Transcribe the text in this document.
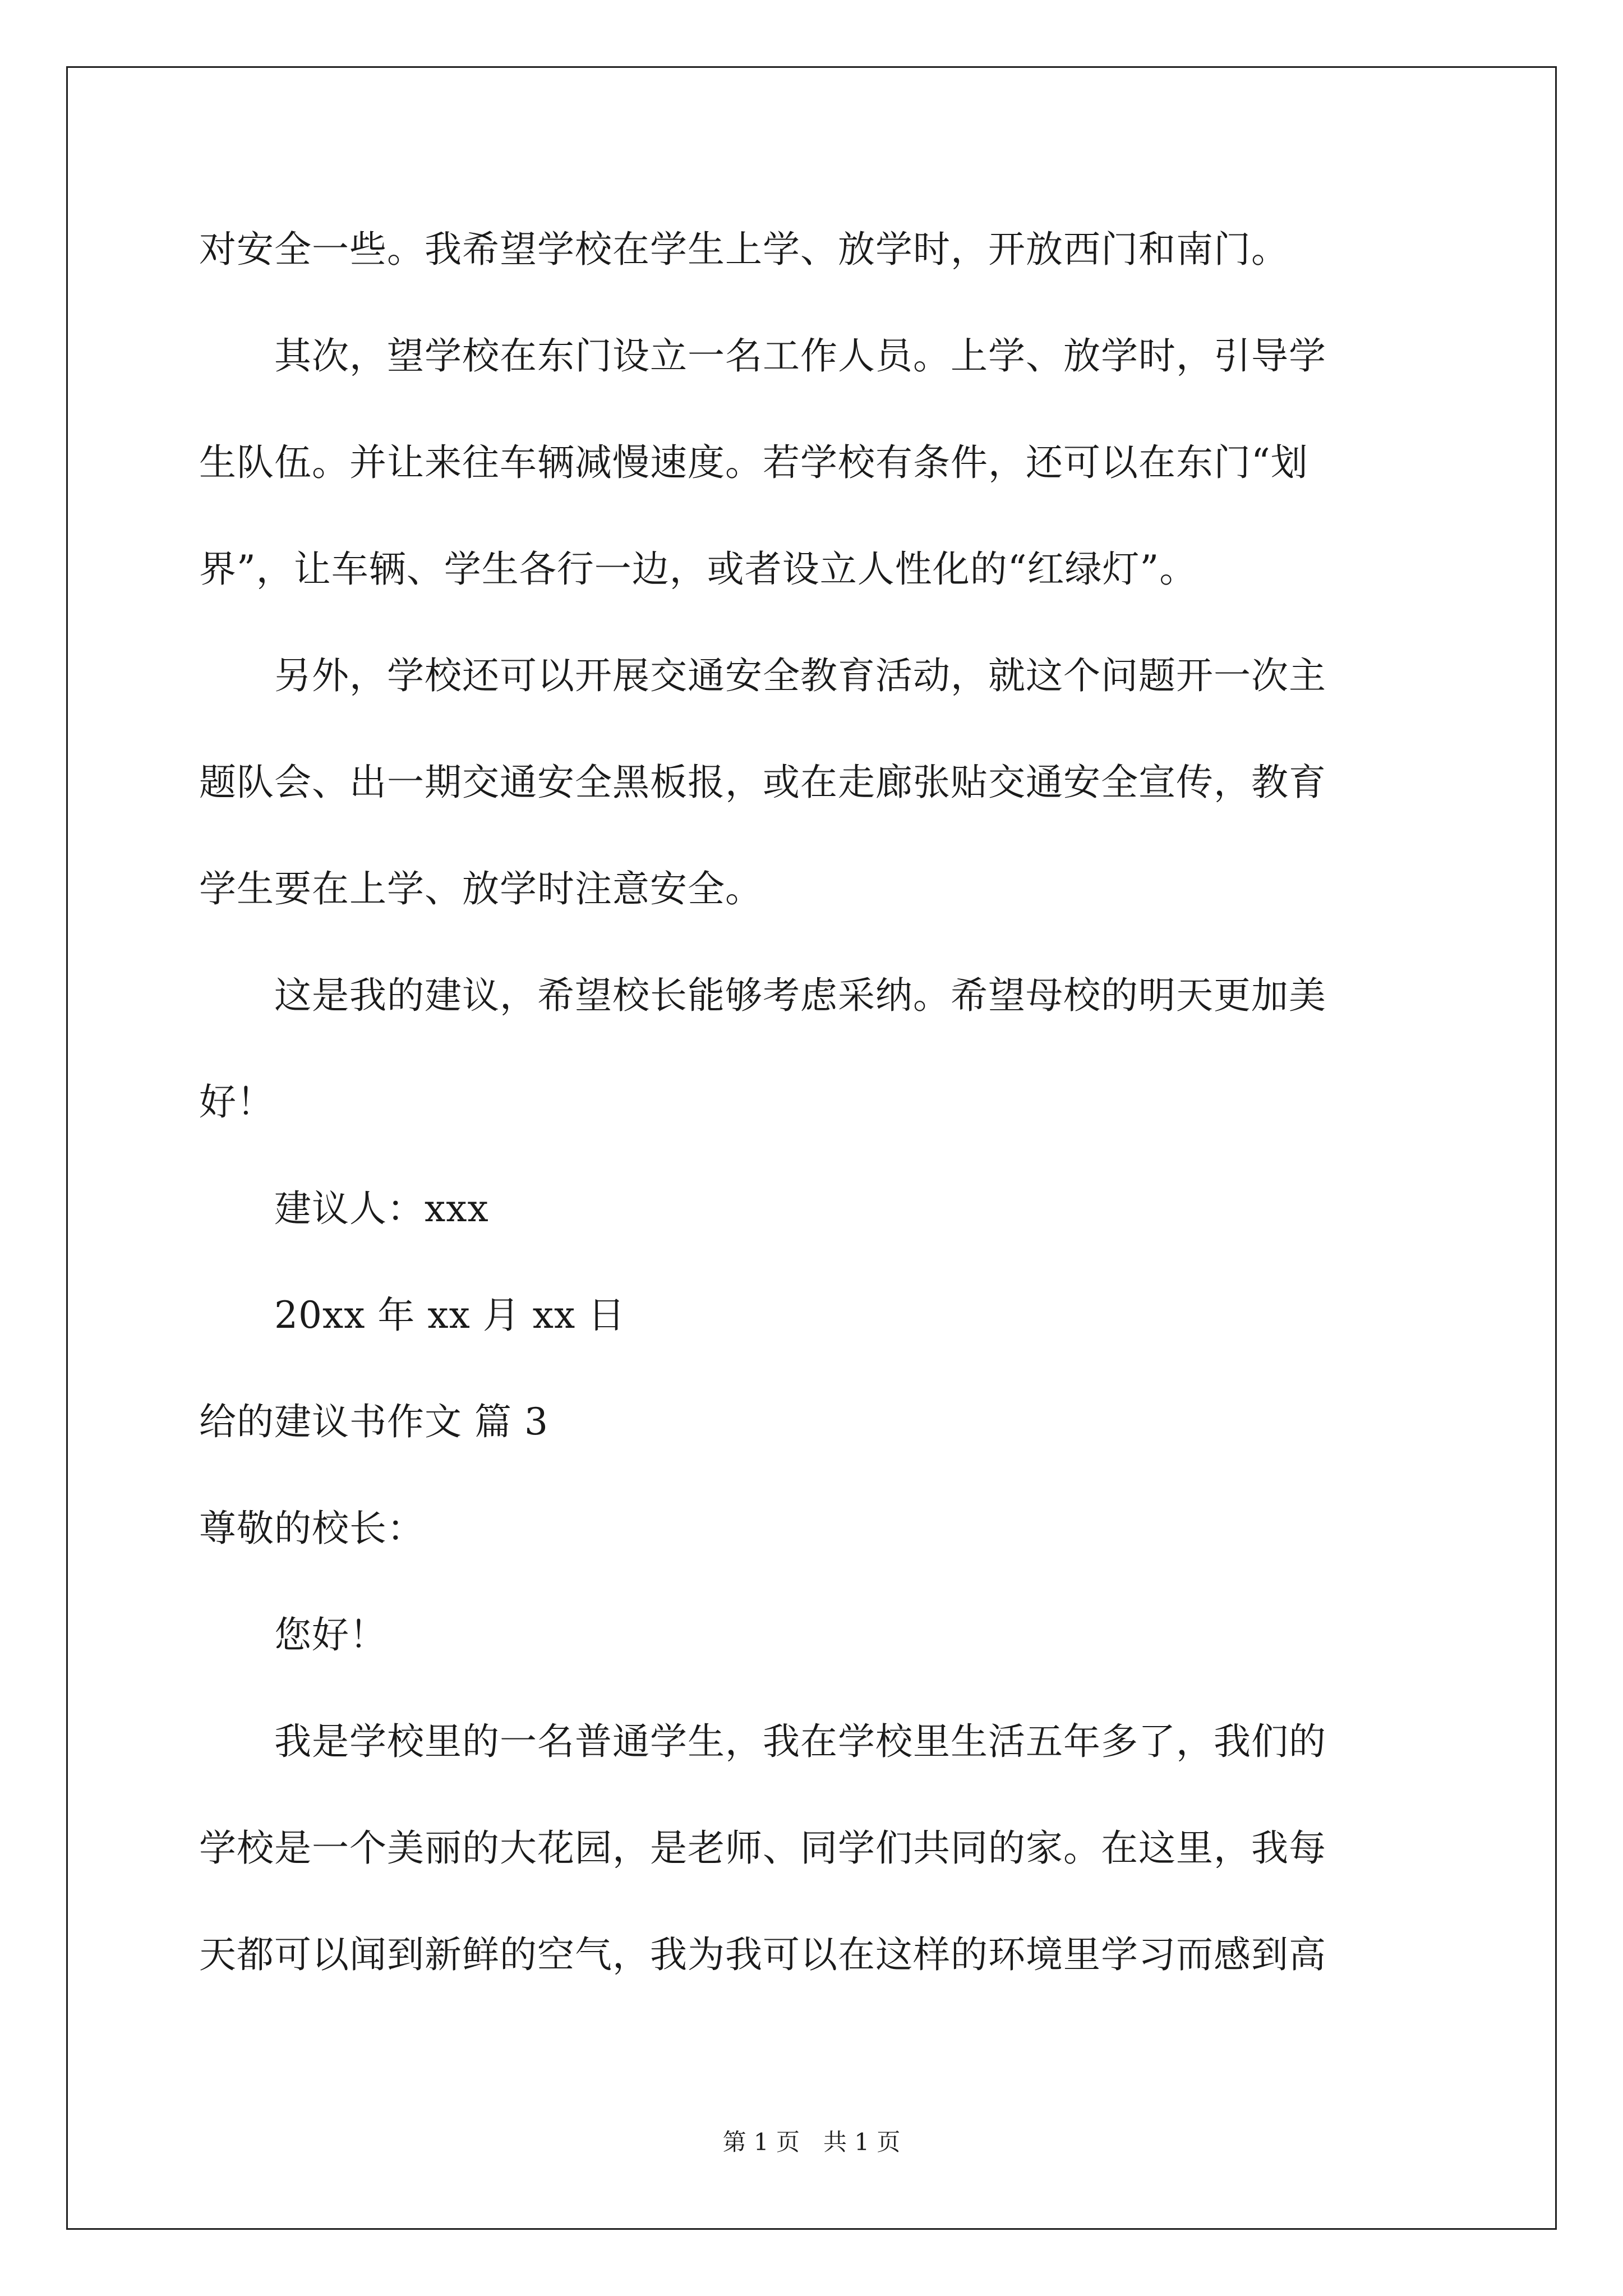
对安全一些。我希望学校在学生上学、放学时，开放西门和南门。
　　其次，望学校在东门设立一名工作人员。上学、放学时，引导学
生队伍。并让来往车辆减慢速度。若学校有条件，还可以在东门“划
界”，让车辆、学生各行一边，或者设立人性化的“红绿灯”。
　　另外，学校还可以开展交通安全教育活动，就这个问题开一次主
题队会、出一期交通安全黑板报，或在走廊张贴交通安全宣传，教育
学生要在上学、放学时注意安全。
　　这是我的建议，希望校长能够考虑采纳。希望母校的明天更加美
好！
　　建议人：xxx
　　20xx 年 xx 月 xx 日
给的建议书作文 篇 3
尊敬的校长：
　　您好！
　　我是学校里的一名普通学生，我在学校里生活五年多了，我们的
学校是一个美丽的大花园，是老师、同学们共同的家。在这里，我每
天都可以闻到新鲜的空气，我为我可以在这样的环境里学习而感到高
第 1 页　共 1 页
